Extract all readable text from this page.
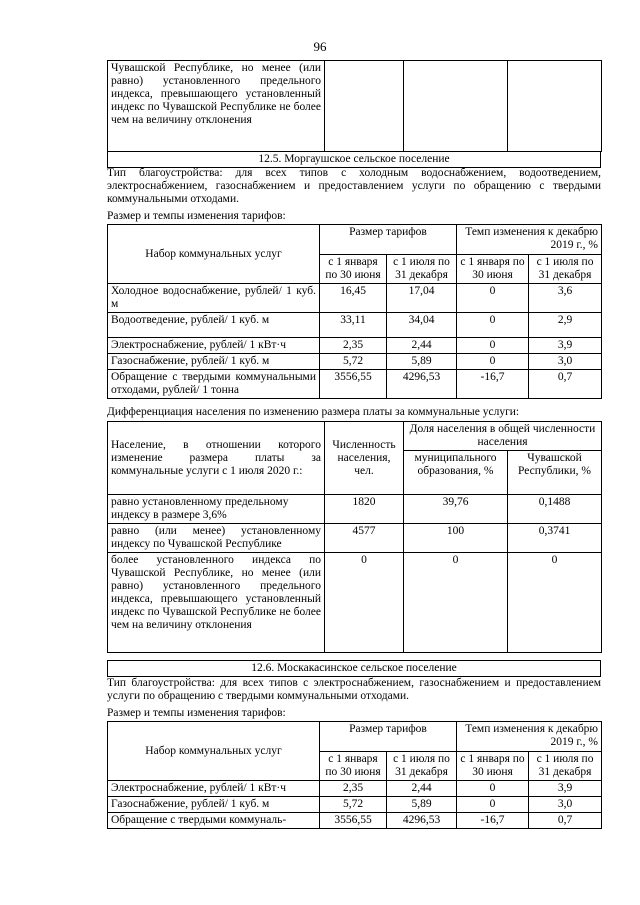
96
Чувашской Республике, но менее (или равно) установленного предельного индекса, превышающего установленный индекс по Чувашской Республике не более чем на величину отклонения			
12.5. Моргаушское сельское поселение
Тип благоустройства: для всех типов с холодным водоснабжением, водоотведением, электроснабжением, газоснабжением и предоставлением услуги по обращению с твердыми коммунальными отходами.
Размер и темпы изменения тарифов:
Набор коммунальных услуг	Размер тарифов		Темп изменения к декабрю 2019 г., %	
	с 1 января по 30 июня	с 1 июля по 31 декабря	с 1 января по 30 июня	с 1 июля по 31 декабря
Холодное водоснабжение, рублей/ 1 куб. м	16,45	17,04	0	3,6
Водоотведение, рублей/ 1 куб. м	33,11	34,04	0	2,9
Электроснабжение, рублей/ 1 кВт·ч	2,35	2,44	0	3,9
Газоснабжение, рублей/ 1 куб. м	5,72	5,89	0	3,0
Обращение с твердыми коммунальными отходами, рублей/ 1 тонна	3556,55	4296,53	-16,7	0,7
Дифференциация населения по изменению размера платы за коммунальные услуги:
Население, в отношении которого изменение размера платы за коммунальные услуги с 1 июля 2020 г.:	Численность населения, чел.	Доля населения в общей численности населения	
		муниципального образования, %	Чувашской Республики, %
равно установленному предельному индексу в размере 3,6%	1820	39,76	0,1488
равно (или менее) установленному индексу по Чувашской Республике	4577	100	0,3741
более установленного индекса по Чувашской Республике, но менее (или равно) установленного предельного индекса, превышающего установленный индекс по Чувашской Республике не более чем на величину отклонения	0	0	0
12.6. Москакасинское сельское поселение
Тип благоустройства: для всех типов с электроснабжением, газоснабжением и предоставлением услуги по обращению с твердыми коммунальными отходами.
Размер и темпы изменения тарифов:
Набор коммунальных услуг	Размер тарифов		Темп изменения к декабрю 2019 г., %	
	с 1 января по 30 июня	с 1 июля по 31 декабря	с 1 января по 30 июня	с 1 июля по 31 декабря
Электроснабжение, рублей/ 1 кВт·ч	2,35	2,44	0	3,9
Газоснабжение, рублей/ 1 куб. м	5,72	5,89	0	3,0
Обращение с твердыми коммуналь-	3556,55	4296,53	-16,7	0,7
